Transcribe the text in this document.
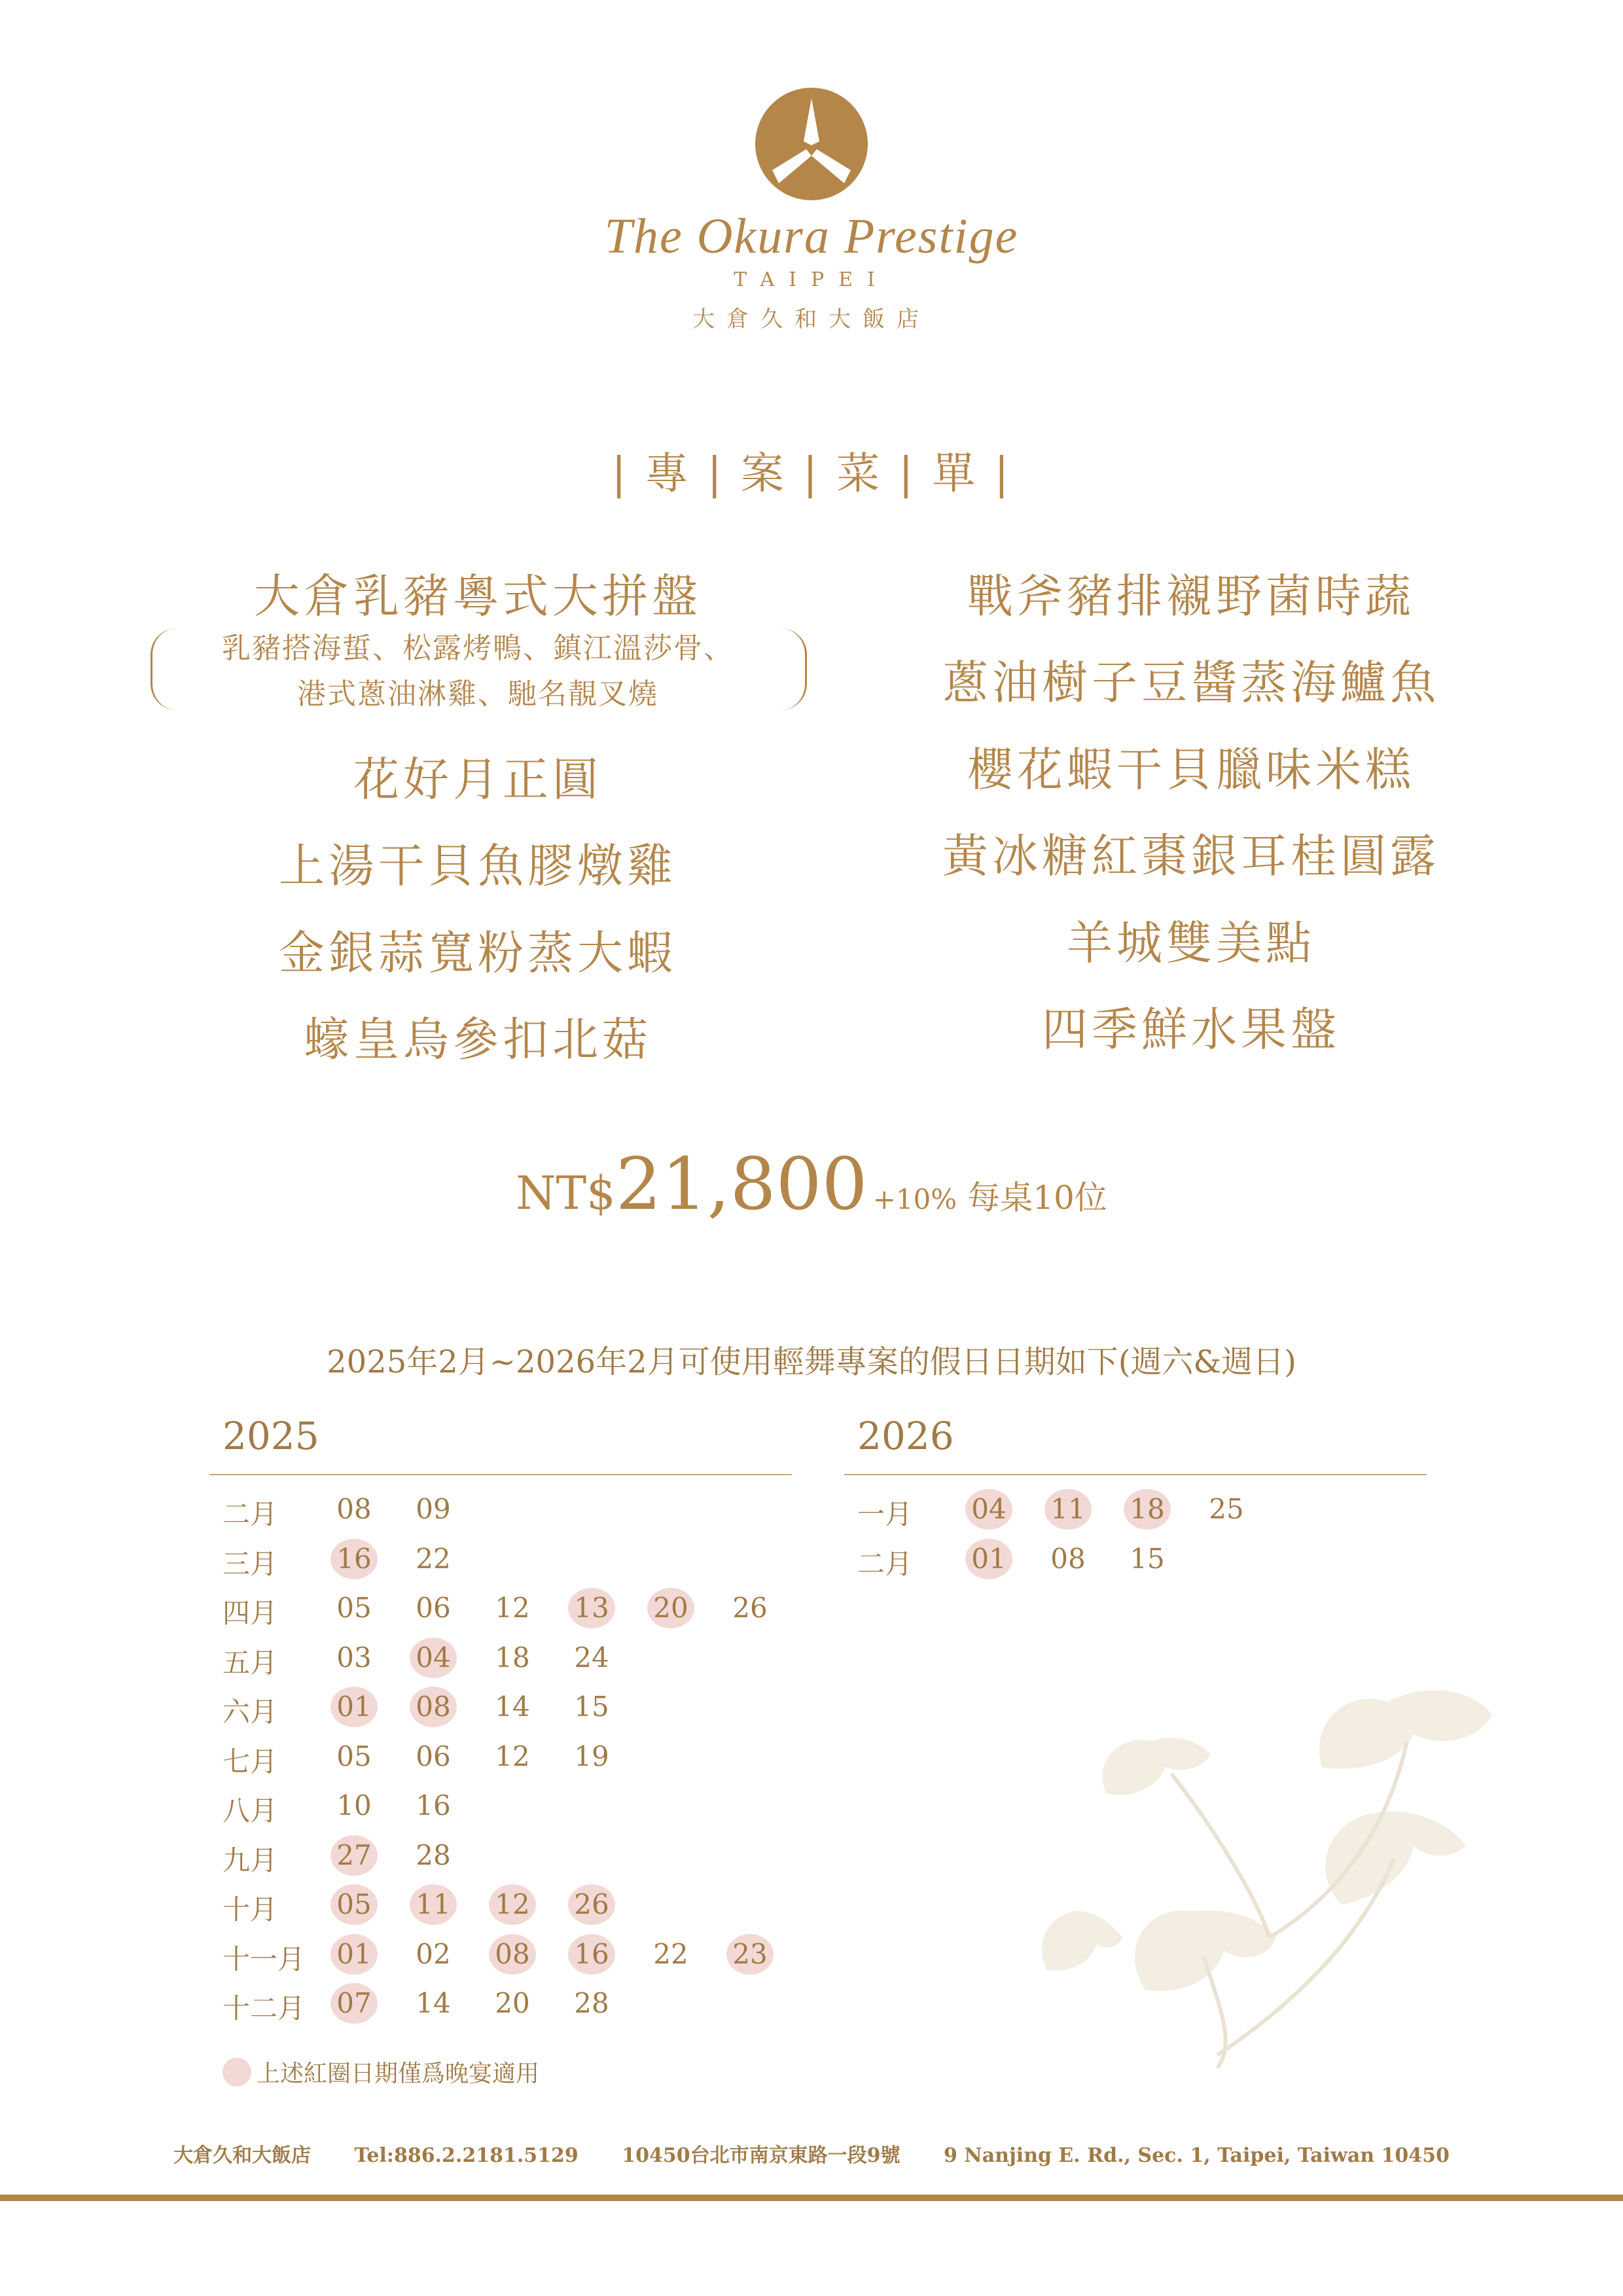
The Okura Prestige
TAIPEI
大倉久和大飯店
| 專 | 案 | 菜 | 單 |
大倉乳豬粵式大拼盤
乳豬搭海蜇、松露烤鴨、鎮江溫莎骨、
港式蔥油淋雞、馳名靚叉燒
花好月正圓
上湯干貝魚膠燉雞
金銀蒜寬粉蒸大蝦
蠔皇烏參扣北菇
戰斧豬排襯野菌時蔬
蔥油樹子豆醬蒸海鱸魚
櫻花蝦干貝臘味米糕
黃冰糖紅棗銀耳桂圓露
羊城雙美點
四季鮮水果盤
NT$21,800 +10% 每桌10位
2025年2月~2026年2月可使用輕舞專案的假日日期如下(週六&週日)
2025	2026
二月 08 09
三月 16 22
四月 05 06 12 13 20 26
五月 03 04 18 24
六月 01 08 14 15
七月 05 06 12 19
八月 10 16
九月 27 28
十月 05 11 12 26
十一月 01 02 08 16 22 23
十二月 07 14 20 28
一月 04 11 18 25
二月 01 08 15
上述紅圈日期僅爲晚宴適用
大倉久和大飯店 Tel:886.2.2181.5129 10450台北市南京東路一段9號 9 Nanjing E. Rd., Sec. 1, Taipei, Taiwan 10450
